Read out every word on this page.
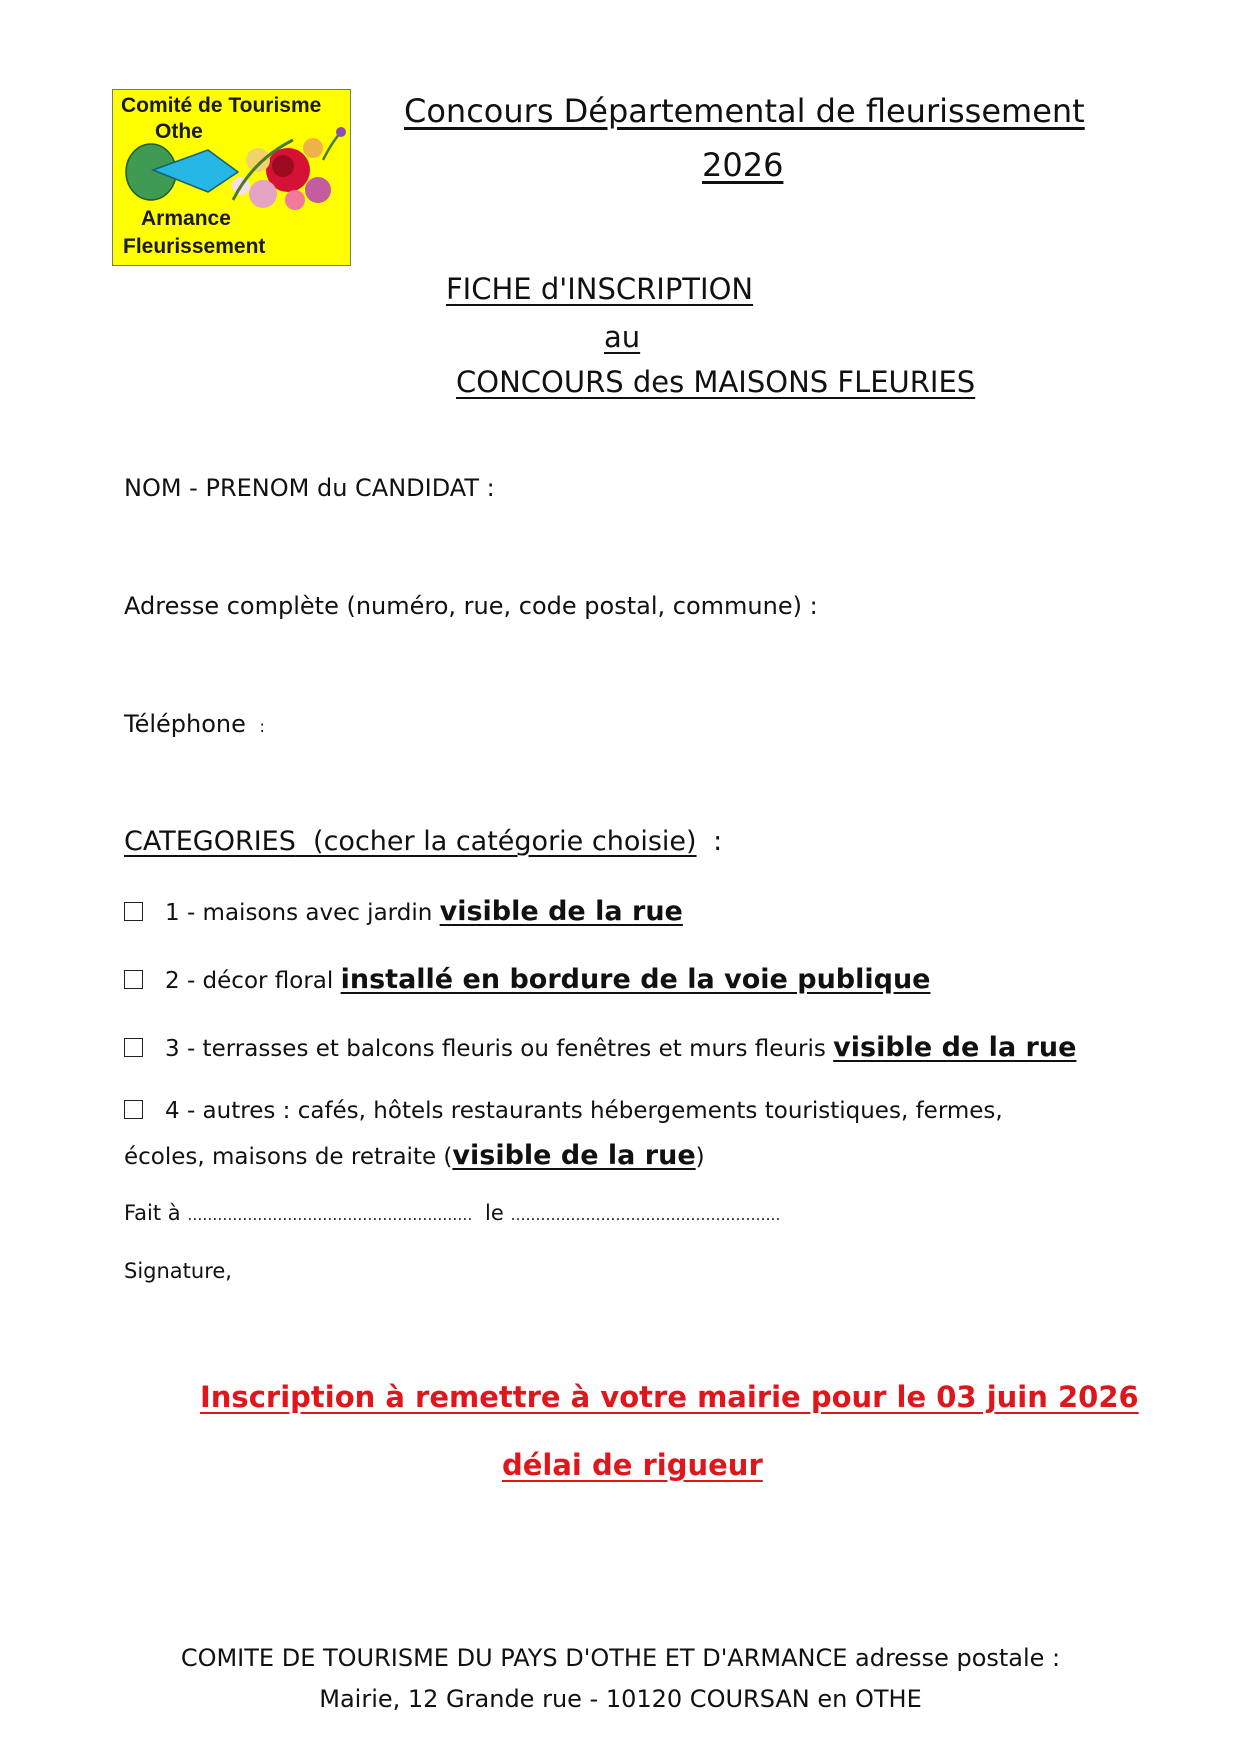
Comité de Tourisme
Othe
Armance
Fleurissement
Concours Départemental de fleurissement
2026
FICHE d'INSCRIPTION
au
CONCOURS des MAISONS FLEURIES
NOM - PRENOM du CANDIDAT :
Adresse complète (numéro, rue, code postal, commune) :
Téléphone :
CATEGORIES (cocher la catégorie choisie) :
1 - maisons avec jardin visible de la rue
2 - décor floral installé en bordure de la voie publique
3 - terrasses et balcons fleuris ou fenêtres et murs fleuris visible de la rue
4 - autres : cafés, hôtels restaurants hébergements touristiques, fermes,
écoles, maisons de retraite (visible de la rue)
Fait à ………………………………………………… le ………………………………………………
Signature,
Inscription à remettre à votre mairie pour le 03 juin 2026
délai de rigueur
COMITE DE TOURISME DU PAYS D'OTHE ET D'ARMANCE adresse postale :
Mairie, 12 Grande rue - 10120 COURSAN en OTHE
